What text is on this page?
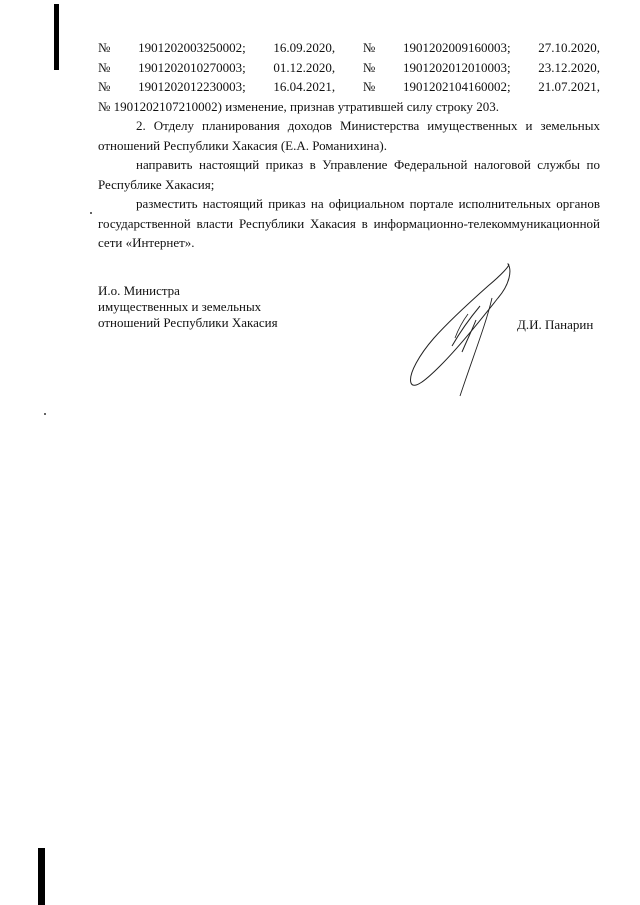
№ 1901202003250002; 16.09.2020, № 1901202009160003; 27.10.2020,
№ 1901202010270003; 01.12.2020, № 1901202012010003; 23.12.2020,
№ 1901202012230003; 16.04.2021, № 1901202104160002; 21.07.2021,
№ 1901202107210002) изменение, признав утратившей силу строку 203.

2. Отделу планирования доходов Министерства имущественных и земельных отношений Республики Хакасия (Е.А. Романихина).

направить настоящий приказ в Управление Федеральной налоговой службы по Республике Хакасия;

разместить настоящий приказ на официальном портале исполнительных органов государственной власти Республики Хакасия в информационно-телекоммуникационной сети «Интернет».

И.о. Министра
имущественных и земельных
отношений Республики Хакасия	Д.И. Панарин
